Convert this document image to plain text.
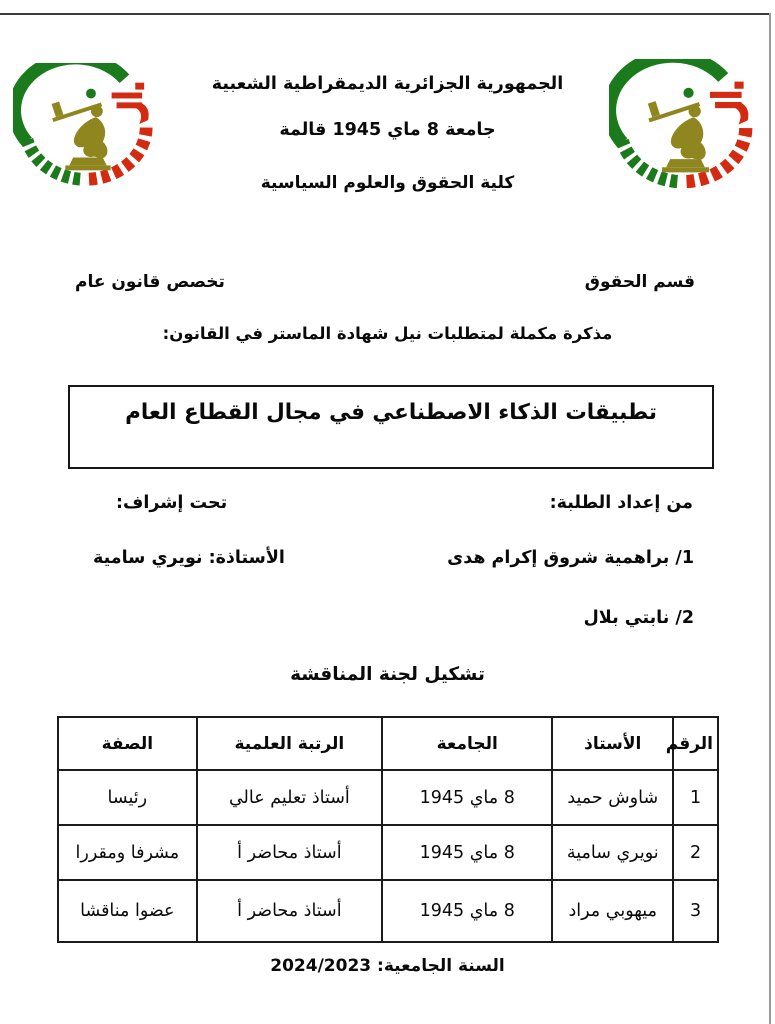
الجمهورية الجزائرية الديمقراطية الشعبية
جامعة 8 ماي 1945 قالمة
كلية الحقوق والعلوم السياسية
قسم الحقوق
تخصص قانون عام
مذكرة مكملة لمتطلبات نيل شهادة الماستر في القانون:
تطبيقات الذكاء الاصطناعي في مجال القطاع العام
من إعداد الطلبة:
تحت إشراف:
1/ براهمية شروق إكرام هدى
الأستاذة: نويري سامية
2/ نابتي بلال
تشكيل لجنة المناقشة
الرقم	الأستاذ	الجامعة	الرتبة العلمية	الصفة
1	شاوش حميد	8 ماي 1945	أستاذ تعليم عالي	رئيسا
2	نويري سامية	8 ماي 1945	أستاذ محاضر أ	مشرفا ومقررا
3	ميهوبي مراد	8 ماي 1945	أستاذ محاضر أ	عضوا مناقشا
السنة الجامعية: 2024/2023
